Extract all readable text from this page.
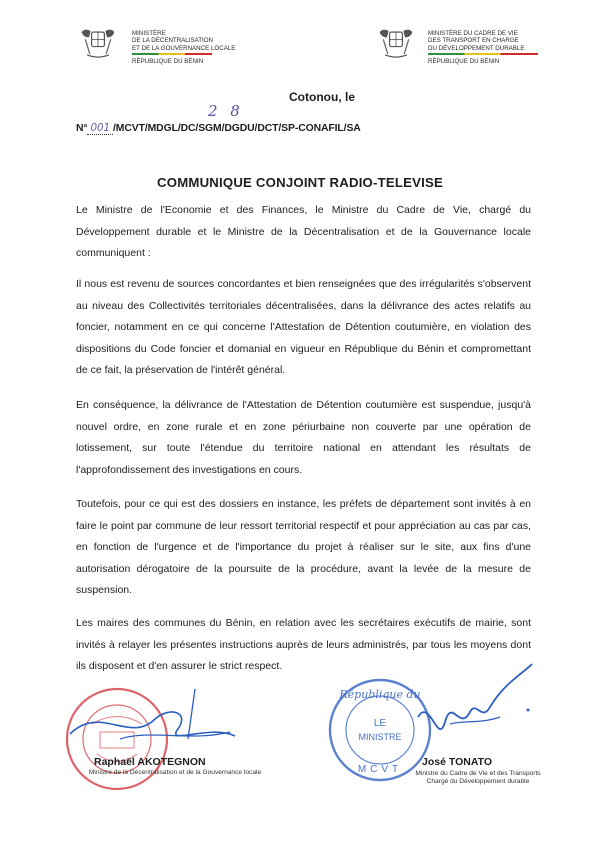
MINISTÈRE
DE LA DÉCENTRALISATION
ET DE LA GOUVERNANCE LOCALE
RÉPUBLIQUE DU BÉNIN
MINISTÈRE DU CADRE DE VIE
DES TRANSPORT EN CHARGE
DU DÉVELOPPEMENT DURABLE
RÉPUBLIQUE DU BÉNIN
Cotonou, le
N° 001 /MCVT/MDGL/DC/SGM/DGDU/DCT/SP-CONAFIL/SA
2 8
COMMUNIQUE CONJOINT RADIO-TELEVISE

Le Ministre de l'Economie et des Finances, le Ministre du Cadre de Vie, chargé du Développement durable et le Ministre de la Décentralisation et de la Gouvernance locale communiquent :

Il nous est revenu de sources concordantes et bien renseignées que des irrégularités s'observent au niveau des Collectivités territoriales décentralisées, dans la délivrance des actes relatifs au foncier, notamment en ce qui concerne l'Attestation de Détention coutumière, en violation des dispositions du Code foncier et domanial en vigueur en République du Bénin et compromettant de ce fait, la préservation de l'intérêt général.

En conséquence, la délivrance de l'Attestation de Détention coutumière est suspendue, jusqu'à nouvel ordre, en zone rurale et en zone périurbaine non couverte par une opération de lotissement, sur toute l'étendue du territoire national en attendant les résultats de l'approfondissement des investigations en cours.

Toutefois, pour ce qui est des dossiers en instance, les préfets de département sont invités à en faire le point par commune de leur ressort territorial respectif et pour appréciation au cas par cas, en fonction de l'urgence et de l'importance du projet à réaliser sur le site, aux fins d'une autorisation dérogatoire de la poursuite de la procédure, avant la levée de la mesure de suspension.

Les maires des communes du Bénin, en relation avec les secrétaires exécutifs de mairie, sont invités à relayer les présentes instructions auprès de leurs administrés, par tous les moyens dont ils disposent et d'en assurer le strict respect.

Raphaël AKOTEGNON
Ministre de la Décentralisation et de la Gouvernance locale
LE
MINISTRE
République du
MCVT
José TONATO
Ministre du Cadre de Vie et des Transports
Chargé du Développement durable
